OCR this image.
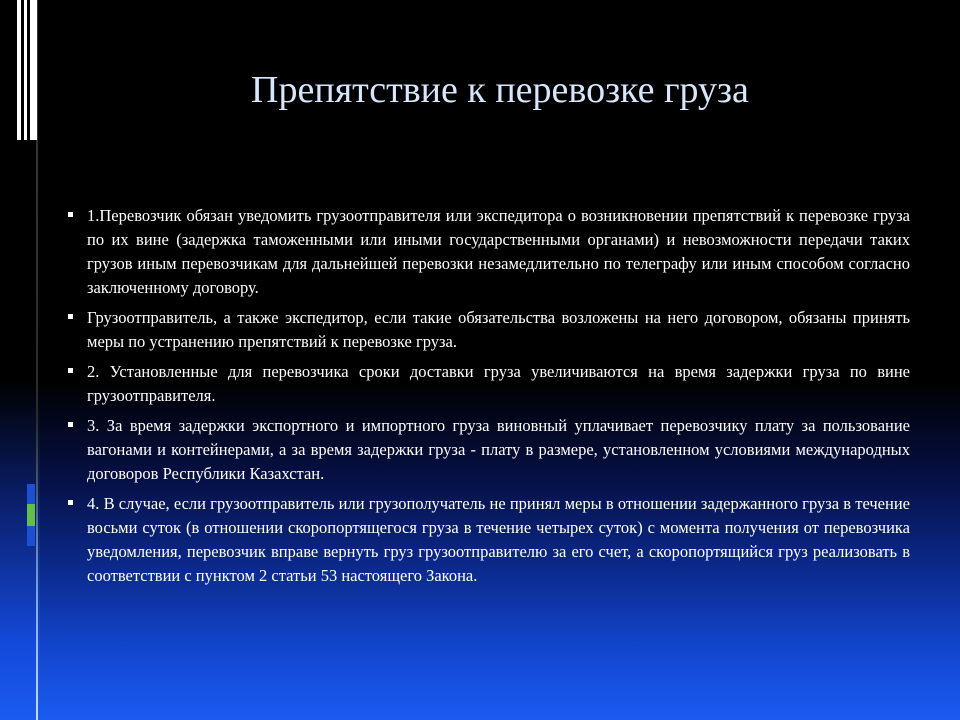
Препятствие к перевозке груза
1.Перевозчик обязан уведомить грузоотправителя или экспедитора о возникновении препятствий к перевозке груза по их вине (задержка таможенными или иными государственными органами) и невозможности передачи таких грузов иным перевозчикам для дальнейшей перевозки незамедлительно по телеграфу или иным способом согласно заключенному договору.
Грузоотправитель, а также экспедитор, если такие обязательства возложены на него договором, обязаны принять меры по устранению препятствий к перевозке груза.
2. Установленные для перевозчика сроки доставки груза увеличиваются на время задержки груза по вине грузоотправителя.
3. За время задержки экспортного и импортного груза виновный уплачивает перевозчику плату за пользование вагонами и контейнерами, а за время задержки груза - плату в размере, установленном условиями международных договоров Республики Казахстан.
4. В случае, если грузоотправитель или грузополучатель не принял меры в отношении задержанного груза в течение восьми суток (в отношении скоропортящегося груза в течение четырех суток) с момента получения от перевозчика уведомления, перевозчик вправе вернуть груз грузоотправителю за его счет, а скоропортящийся груз реализовать в соответствии с пунктом 2 статьи 53 настоящего Закона.
